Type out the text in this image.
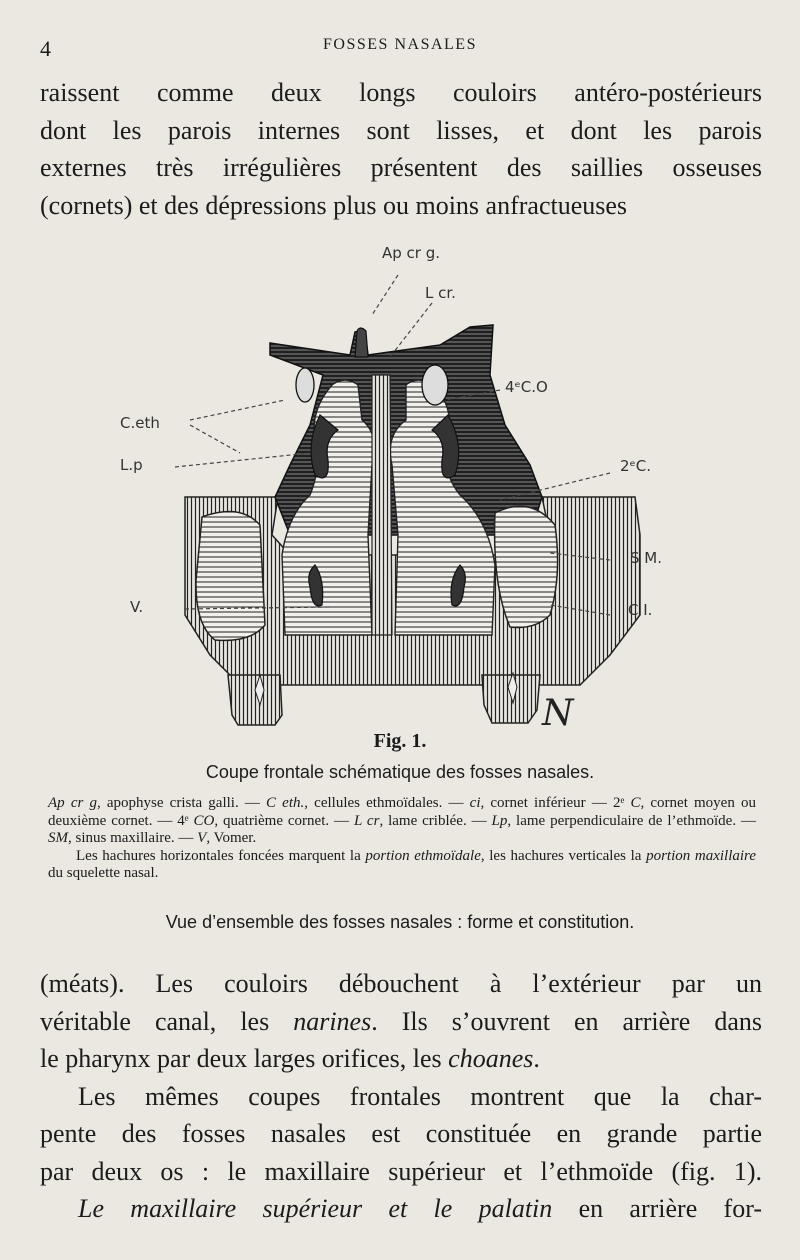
4	FOSSES NASALES

raissent comme deux longs couloirs antéro-postérieurs

dont les parois internes sont lisses, et dont les parois

externes très irrégulières présentent des saillies osseuses

(cornets) et des dépressions plus ou moins anfractueuses

Ap cr g.
L cr.
4ᵉC.O
C.eth
L.p	2ᵉC.
S M.
V.	C I.
N
Fig. 1.
Coupe frontale schématique des fosses nasales.

Ap cr g, apophyse crista galli. — C eth., cellules ethmoïdales. — ci, cornet inférieur — 2ᵉ C, cornet moyen ou deuxième cornet. — 4ᵉ CO, quatrième cornet. — L cr, lame criblée. — Lp, lame perpendiculaire de l’ethmoïde. — SM, sinus maxillaire. — V, Vomer.

Les hachures horizontales foncées marquent la portion ethmoïdale, les hachures verticales la portion maxillaire du squelette nasal.

Vue d’ensemble des fosses nasales : forme et constitution.

(méats). Les couloirs débouchent à l’extérieur par un

véritable canal, les narines. Ils s’ouvrent en arrière dans

le pharynx par deux larges orifices, les choanes.

Les mêmes coupes frontales montrent que la char-

pente des fosses nasales est constituée en grande partie

par deux os : le maxillaire supérieur et l’ethmoïde (fig. 1).

Le maxillaire supérieur et le palatin en arrière for-
